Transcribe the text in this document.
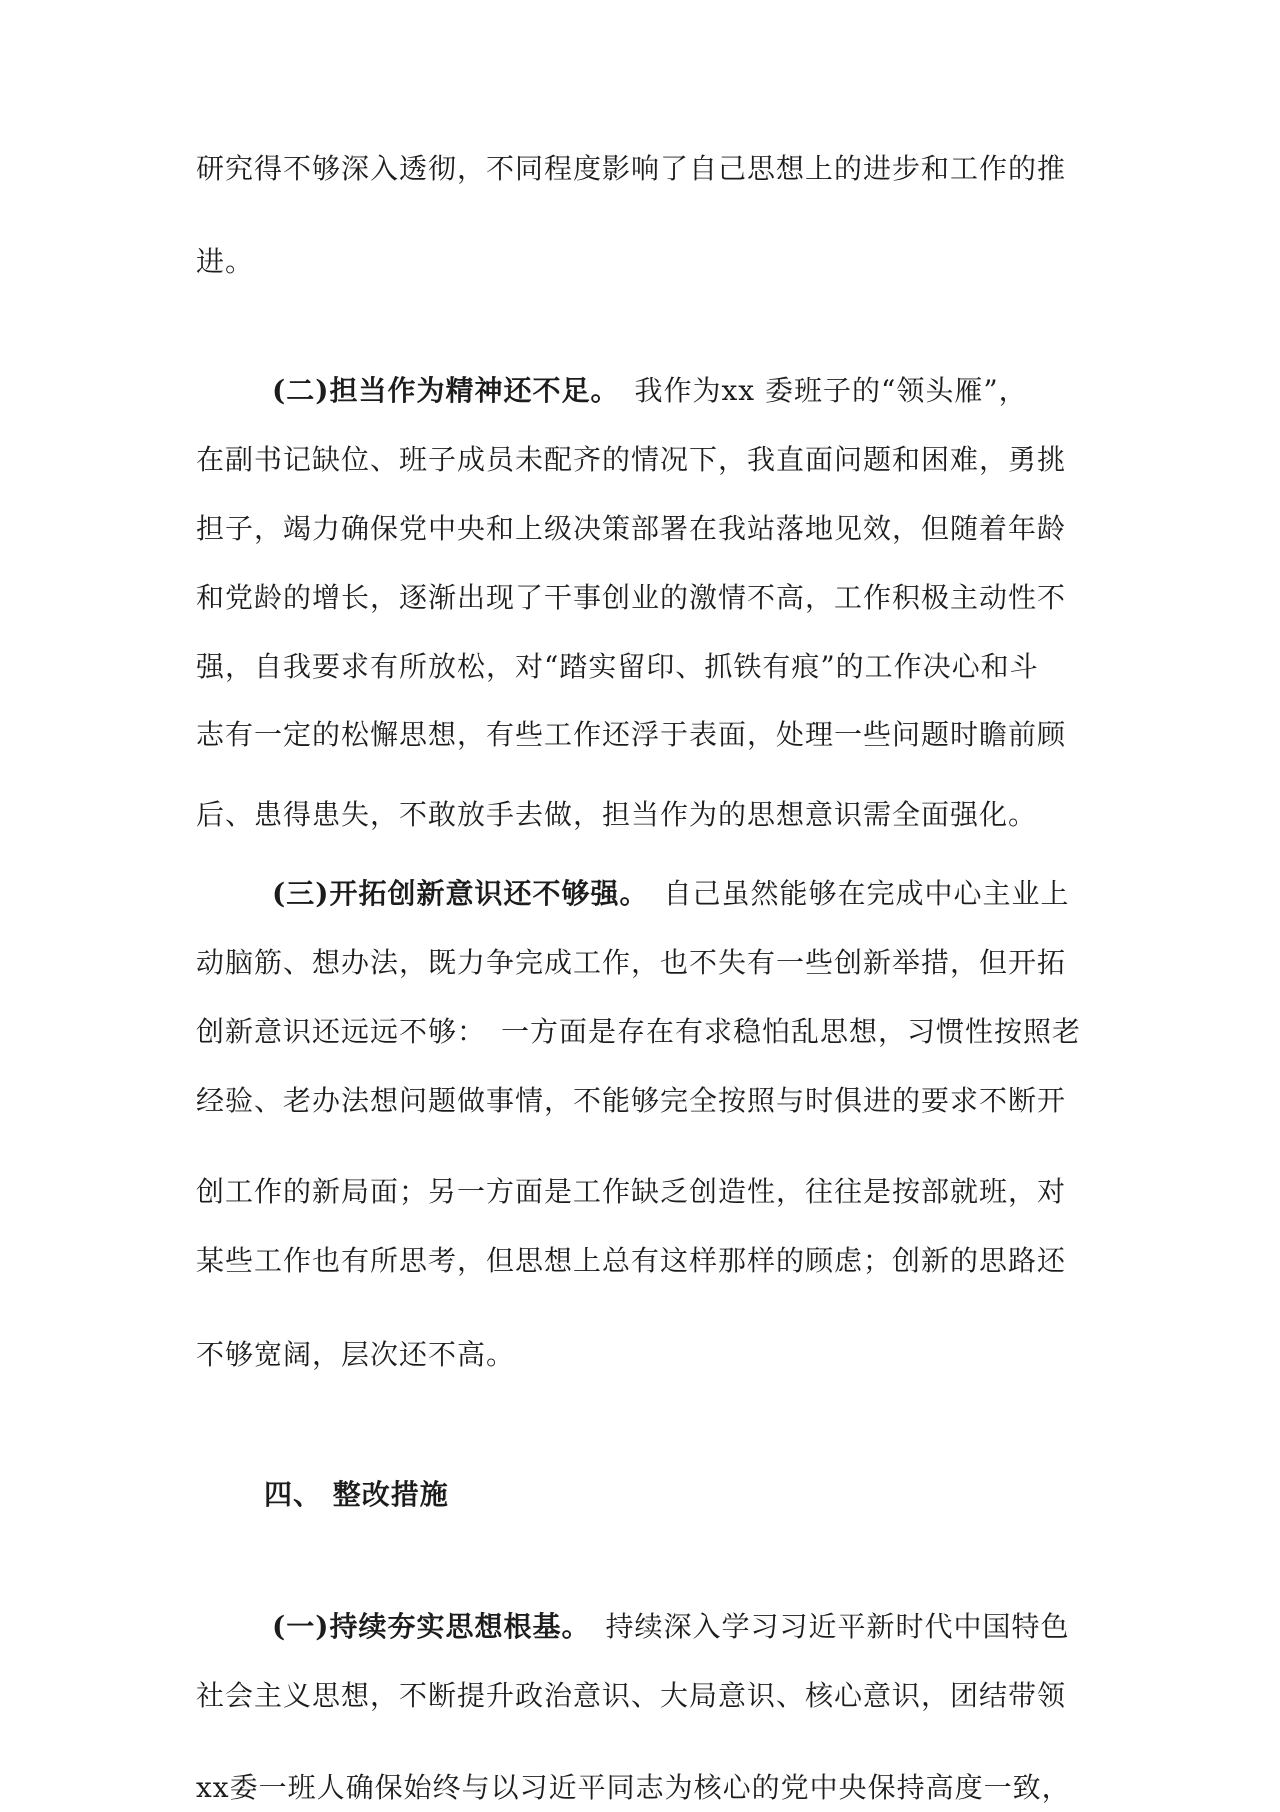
研究得不够深入透彻，不同程度影响了自己思想上的进步和工作的推
进。
(二)担当作为精神还不足。　 我作为xx 委班子的“领头雁”，
在副书记缺位、班子成员未配齐的情况下，我直面问题和困难，勇挑
担子，竭力确保党中央和上级决策部署在我站落地见效，但随着年龄
和党龄的增长，逐渐出现了干事创业的激情不高，工作积极主动性不
强，自我要求有所放松，对“踏实留印、抓铁有痕”的工作决心和斗
志有一定的松懈思想，有些工作还浮于表面，处理一些问题时瞻前顾
后、患得患失，不敢放手去做，担当作为的思想意识需全面强化。
(三)开拓创新意识还不够强。　 自己虽然能够在完成中心主业上
动脑筋、想办法，既力争完成工作，也不失有一些创新举措，但开拓
创新意识还远远不够：　一方面是存在有求稳怕乱思想，习惯性按照老
经验、老办法想问题做事情，不能够完全按照与时俱进的要求不断开
创工作的新局面；另一方面是工作缺乏创造性，往往是按部就班，对
某些工作也有所思考，但思想上总有这样那样的顾虑；创新的思路还
不够宽阔，层次还不高。
四、 整改措施
(一)持续夯实思想根基。　 持续深入学习习近平新时代中国特色
社会主义思想，不断提升政治意识、大局意识、核心意识，团结带领
xx委一班人确保始终与以习近平同志为核心的党中央保持高度一致，
